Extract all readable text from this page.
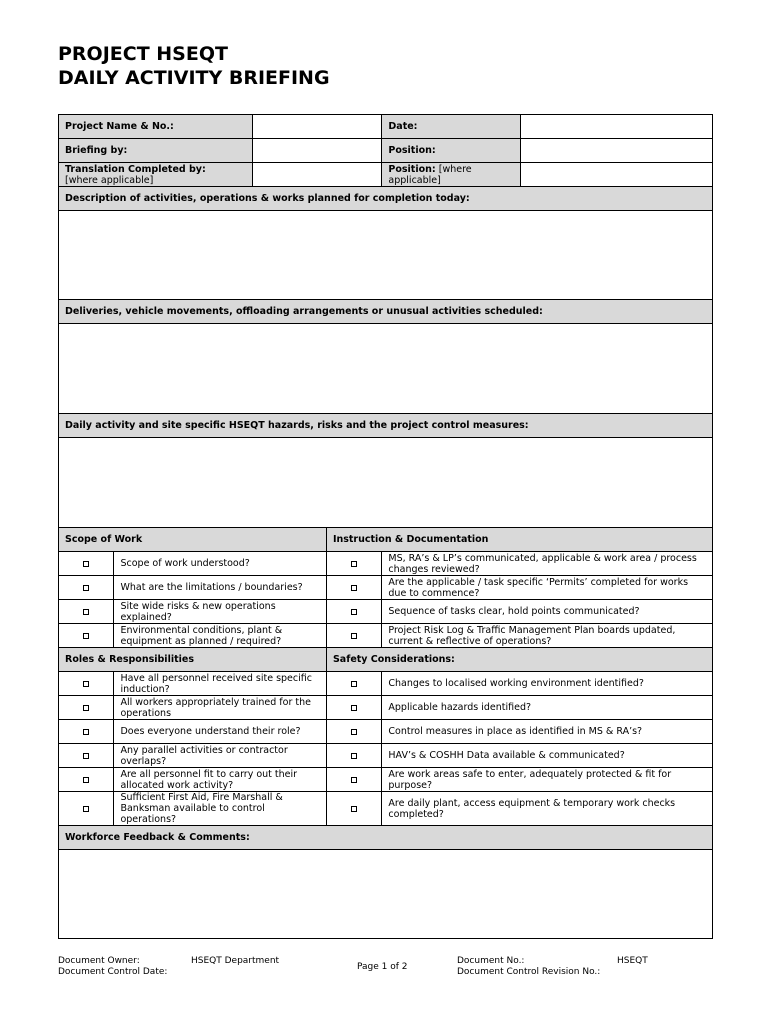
PROJECT HSEQT
DAILY ACTIVITY BRIEFING
Project Name & No.:				Date:	
Briefing by:				Position:	

Translation Completed by:
[where applicable]				Position: [where applicable]	
Description of activities, operations & works planned for completion today:					

Deliveries, vehicle movements, offloading arrangements or unusual activities scheduled:					

Daily activity and site specific HSEQT hazards, risks and the project control measures:					

Scope of Work			Instruction & Documentation		
	Scope of work understood?			MS, RA’s & LP’s communicated, applicable & work area / process changes reviewed?	
	What are the limitations / boundaries?			Are the applicable / task specific ‘Permits’ completed for works due to commence?	
	Site wide risks & new operations explained?			Sequence of tasks clear, hold points communicated?	
	Environmental conditions, plant & equipment as planned / required?			Project Risk Log & Traffic Management Plan boards updated, current & reflective of operations?	
Roles & Responsibilities			Safety Considerations:		
	Have all personnel received site specific induction?			Changes to localised working environment identified?	
	All workers appropriately trained for the operations			Applicable hazards identified?	
	Does everyone understand their role?			Control measures in place as identified in MS & RA’s?	
	Any parallel activities or contractor overlaps?			HAV’s & COSHH Data available & communicated?	
	Are all personnel fit to carry out their allocated work activity?			Are work areas safe to enter, adequately protected & fit for purpose?	
	Sufficient First Aid, Fire Marshall & Banksman available to control operations?			Are daily plant, access equipment & temporary work checks completed?	
Workforce Feedback & Comments:					

Document Owner:
Document Control Date:
HSEQT Department
Page 1 of 2
Document No.:
Document Control Revision No.:
HSEQT
